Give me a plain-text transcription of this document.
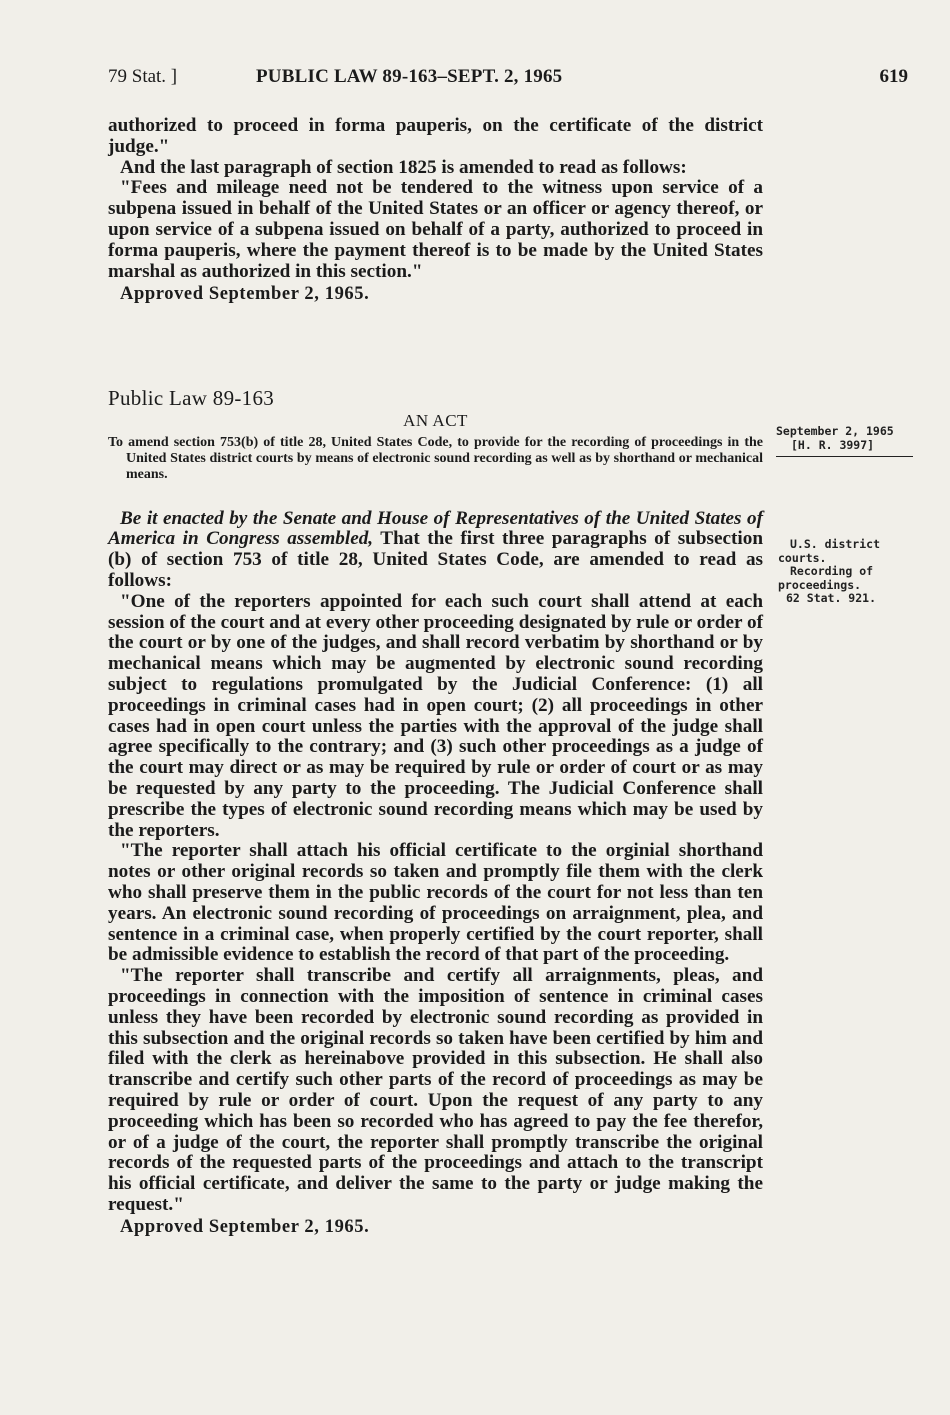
79 Stat. ]	PUBLIC LAW 89-163–SEPT. 2, 1965	619

authorized to proceed in forma pauperis, on the certificate of the district judge."

And the last paragraph of section 1825 is amended to read as follows:

"Fees and mileage need not be tendered to the witness upon service of a subpena issued in behalf of the United States or an officer or agency thereof, or upon service of a subpena issued on behalf of a party, authorized to proceed in forma pauperis, where the payment thereof is to be made by the United States marshal as authorized in this section."

Approved September 2, 1965.

Public Law 89-163

AN ACT

To amend section 753(b) of title 28, United States Code, to provide for the recording of proceedings in the United States district courts by means of electronic sound recording as well as by shorthand or mechanical means.

Be it enacted by the Senate and House of Representatives of the United States of America in Congress assembled, That the first three paragraphs of subsection (b) of section 753 of title 28, United States Code, are amended to read as follows:

"One of the reporters appointed for each such court shall attend at each session of the court and at every other proceeding designated by rule or order of the court or by one of the judges, and shall record verbatim by shorthand or by mechanical means which may be augmented by electronic sound recording subject to regulations promulgated by the Judicial Conference: (1) all proceedings in criminal cases had in open court; (2) all proceedings in other cases had in open court unless the parties with the approval of the judge shall agree specifically to the contrary; and (3) such other proceedings as a judge of the court may direct or as may be required by rule or order of court or as may be requested by any party to the proceeding. The Judicial Conference shall prescribe the types of electronic sound recording means which may be used by the reporters.

"The reporter shall attach his official certificate to the orginial shorthand notes or other original records so taken and promptly file them with the clerk who shall preserve them in the public records of the court for not less than ten years. An electronic sound recording of proceedings on arraignment, plea, and sentence in a criminal case, when properly certified by the court reporter, shall be admissible evidence to establish the record of that part of the proceeding.

"The reporter shall transcribe and certify all arraignments, pleas, and proceedings in connection with the imposition of sentence in criminal cases unless they have been recorded by electronic sound recording as provided in this subsection and the original records so taken have been certified by him and filed with the clerk as hereinabove provided in this subsection. He shall also transcribe and certify such other parts of the record of proceedings as may be required by rule or order of court. Upon the request of any party to any proceeding which has been so recorded who has agreed to pay the fee therefor, or of a judge of the court, the reporter shall promptly transcribe the original records of the requested parts of the proceedings and attach to the transcript his official certificate, and deliver the same to the party or judge making the request."

Approved September 2, 1965.

September 2, 1965
[H. R. 3997]
U.S. district
courts.
Recording of
proceedings.
62 Stat. 921.
